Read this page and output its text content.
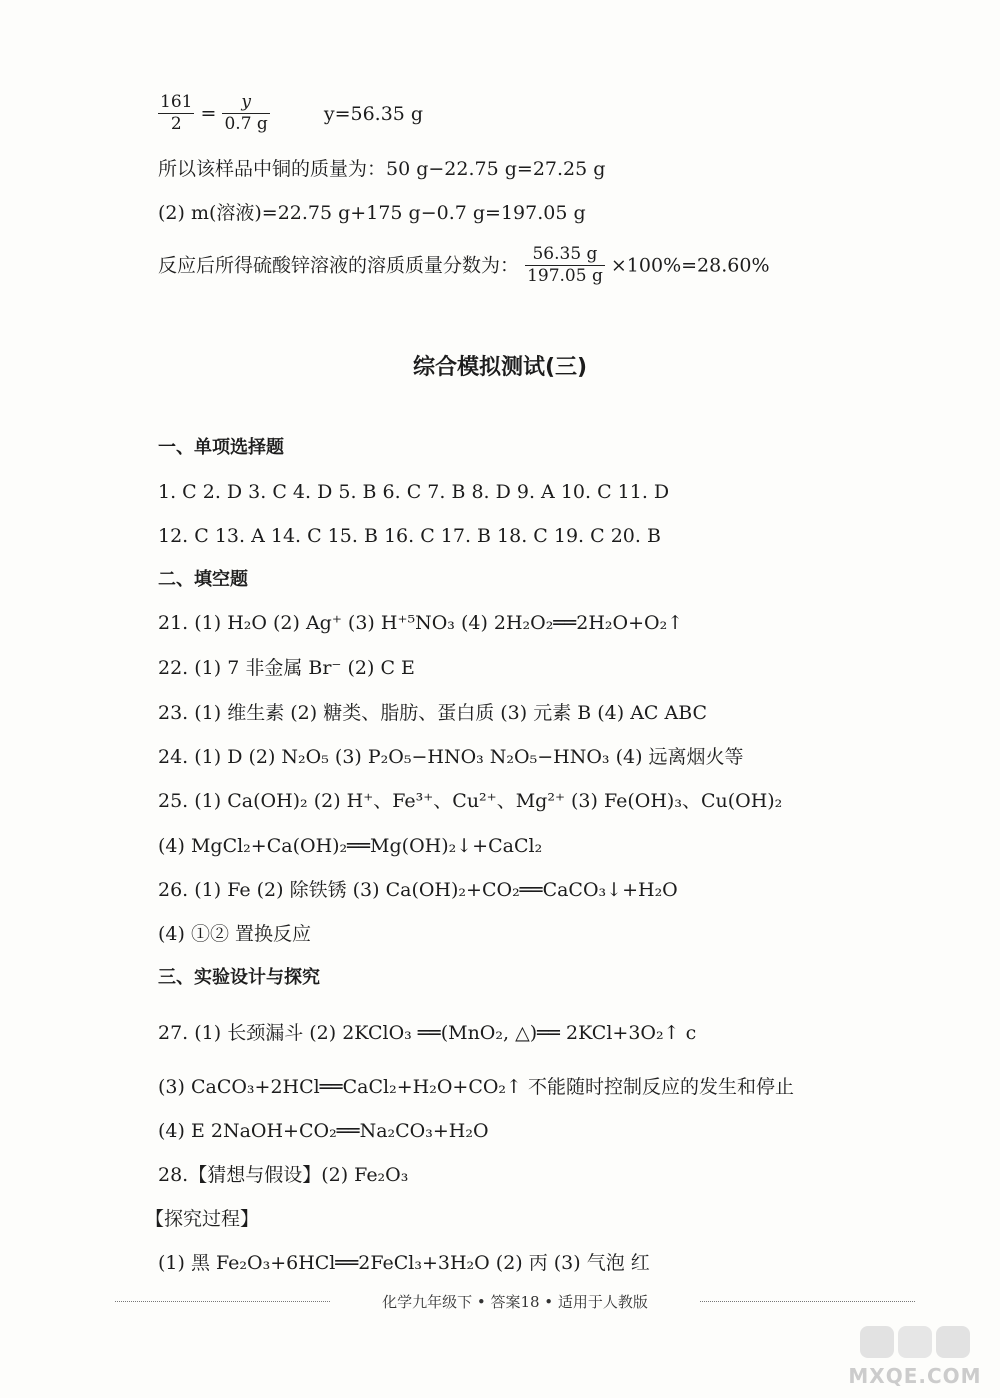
$\frac{161}{2} = \frac{y}{0.7 g}$	y=56.35 g
所以该样品中铜的质量为：50 g−22.75 g=27.25 g
(2) m(溶液)=22.75 g+175 g−0.7 g=197.05 g
反应后所得硫酸锌溶液的溶质质量分数为： $\frac{56.35 g}{197.05 g} \times 100\%=28.60\%$
综合模拟测试(三)
一、单项选择题
1. C 2. D 3. C 4. D 5. B 6. C 7. B 8. D 9. A 10. C 11. D
12. C 13. A 14. C 15. B 16. C 17. B 18. C 19. C 20. B
二、填空题
21. (1) H₂O (2) Ag⁺ (3) H⁺⁵NO₃ (4) 2H₂O₂══2H₂O+O₂↑
22. (1) 7 非金属 Br⁻ (2) C E
23. (1) 维生素 (2) 糖类、脂肪、蛋白质 (3) 元素 B (4) AC ABC
24. (1) D (2) N₂O₅ (3) P₂O₅−HNO₃ N₂O₅−HNO₃ (4) 远离烟火等
25. (1) Ca(OH)₂ (2) H⁺、Fe³⁺、Cu²⁺、Mg²⁺ (3) Fe(OH)₃、Cu(OH)₂
(4) MgCl₂+Ca(OH)₂══Mg(OH)₂↓+CaCl₂
26. (1) Fe (2) 除铁锈 (3) Ca(OH)₂+CO₂══CaCO₃↓+H₂O
(4) ①② 置换反应
三、实验设计与探究
27. (1) 长颈漏斗 (2) 2KClO₃ ══(MnO₂, △)══ 2KCl+3O₂↑ c
(3) CaCO₃+2HCl══CaCl₂+H₂O+CO₂↑ 不能随时控制反应的发生和停止
(4) E 2NaOH+CO₂══Na₂CO₃+H₂O
28.【猜想与假设】(2) Fe₂O₃
【探究过程】
(1) 黑 Fe₂O₃+6HCl══2FeCl₃+3H₂O (2) 丙 (3) 气泡 红
化学九年级下 • 答案18 • 适用于人教版
MXQE.COM
